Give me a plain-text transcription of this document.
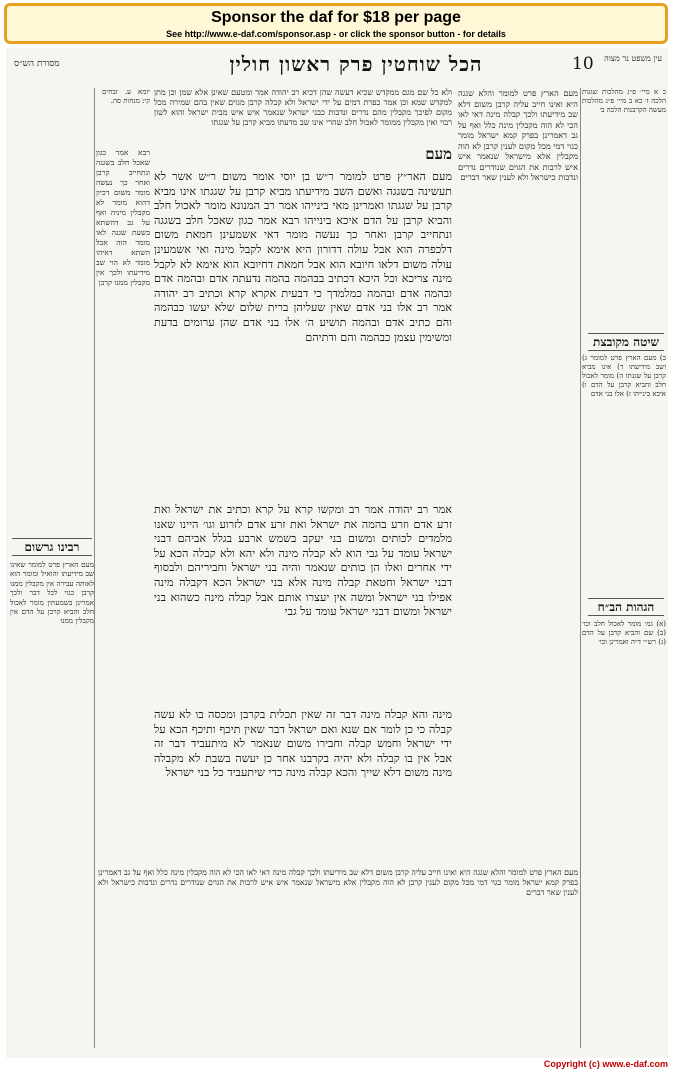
Sponsor the daf for $18 per page
See http://www.e-daf.com/sponsor.asp - or click the sponsor button - for details
מסורת הש״ס	הכל שוחטין פרק ראשון חולין	10	עין משפט נר מצוה
כ א מיי׳ פ״ג מהלכות שגגות הלכה ז׳ כא ב מיי׳ פ״ג מהלכות מעשה הקרבנות הלכה ב׳
שיטה מקובצת
ב) מעם הארץ פרט למומר ג) ושב מידיעתו ד) אינו מביא קרבן על שגגתו ה) מומר לאכול חלב והביא קרבן על הדם ו) איכא בינייהו ז) אלו בני אדם
הגהות הב״ח
(א) גמ׳ מומר לאכול חלב וכו׳ (ב) שם והביא קרבן על הדם (ג) רש״י ד״ה ואמרינן וכו׳
מעם הארץ פרט למומר והלא שגגה היא ואינו חייב עליה קרבן משום דלא שב מידיעתו ולכך קבלה מינה דאי לאו הכי לא הוה מקבלין מינה כלל ואף על גב דאמרינן בפרק קמא ישראל מומר כגוי דמי מכל מקום לענין קרבן לא הוה מקבלין אלא מישראל שנאמר איש איש לרבות את הגוים שנודרים נדרים ונדבות כישראל ולא לענין שאר דברים
ולא כל שם מגם ממקדש שכיא דעשה שהן דכיא רב יהודה אמר ומטעם שאינן אלא שמן וכן מתן למקדש שמא וכן אמר כפרת דמים על ידי ישראל ולא קבלה קרבן מגוים שאין בהם שמירה מכל מקום לפיכך מקבלין מהם נדרים ונדבות כבני ישראל שנאמר איש איש מבית ישראל והוא לשון רבוי ואין מקבלין ממומר לאכול חלב שהרי אינו שב מדעתו מביא קרבן על שגגתו
מעם
מעם האר״ץ פרט למומר ר״ש בן יוסי אומר משום ר״ש אשר לא תעשינה בשגגה ואשם השב מידיעתו מביא קרבן על שגגתו אינו מביא קרבן על שגגתו ואמרינן מאי בינייהו אמר רב המנונא מומר לאכול חלב והביא קרבן על הדם איכא בינייהו רבא אמר כגון שאכל חלב בשגגה ונתחייב קרבן ואחר כך נעשה מומר דאי אשמעינן חמאת משום דלכפרה הוא אבל עולה דדורון היא אימא לקבל מינה ואי אשמעינן עולה משום דלאו חיובא הוא אבל חמאת דחיובא הוא אימא לא לקבל מינה צריכא וכל היכא דכתיב בבהמה בהמה נדעתה אדם ובהמה אדם ובהמה אדם ובהמה כמלמדך כי דבעית אקרא קרא וכתיב רב יהודה אמר רב אלו בני אדם שאין שעליהן ברית שלום שלא יעשו כבהמה והם כתיב אדם ובהמה תושיע ה׳ אלו בני אדם שהן ערומים בדעת ומשימין עצמן כבהמה והם ודתיהם
אמר רב יהודה אמר רב ומקשו קרא על קרא וכתיב את ישראל ואת זרע אדם וזרע בהמה את ישראל ואת זרע אדם לזרוע וגו׳ היינו שאנו מלמדים לכותים ומשום בני יעקב בשמש ארבע בגלל אביהם דבני ישראל עומד על גבי הוא לא קבלה מינה ולא יהא ולא קבלה הכא על ידי אחרים ואלו הן כותים שנאמר והיה בני ישראל וחביריהם ולבסוף דבני ישראל וחטאת קבלה מינה אלא בני ישראל הכא דקבלה מינה אפילו בני ישראל ומשה אין יעצרו אותם אבל קבלה מינה כשהוא בני ישראל ומשום דבני ישראל עומד על גבי
מינה והא קבלה מינה דבר זה שאין תכלית בקרבן ומכסה בו לא עשה קבלה כי כן לומר אם שנא ואם ישראל דבר שאין תיכף ותיכף הכא על ידי ישראל וחמש קבלה וחבירו משום שנאמר לא מיתעביד דבר זה אבל אין בו קבלה ולא יהיה בקרבנו אחר כן יעשה בשבת לא מקבלה מינה משום דלא שייך והכא קבלה מינה כדי שיתעביד כל בני ישראל
יומא ע. זבחים קי: מנחות סה.
רבא אמר כגון שאכל חלב בשגגה ונתחייב קרבן ואחר כך נעשה מומר משום דכיון דהוא מומר לא מקבלין מיניה ואף על גב דהשתא בשעת שגגה לאו מומר הוה אבל השתא דאיהו מומר לא הוי שב מידיעתו ולכך אין מקבלין ממנו קרבן
רבינו גרשום
מעם הארץ פרט למומר שאינו שב מידיעתו והואיל ומומר הוא לאותה עבירה אין מקבלין ממנו קרבן כגוי לכל דבר ולכך אמרינן בשמעתין מומר לאכול חלב והביא קרבן על הדם אין מקבלין ממנו
מעם הארץ פרט למומר והלא שגגה היא ואינו חייב עליה קרבן משום דלא שב מידיעתו ולכך קבלה מינה דאי לאו הכי לא הוה מקבלין מינה כלל ואף על גב דאמרינן בפרק קמא ישראל מומר כגוי דמי מכל מקום לענין קרבן לא הוה מקבלין אלא מישראל שנאמר איש איש לרבות את הגוים שנודרים נדרים ונדבות כישראל ולא לענין שאר דברים
Copyright (c) www.e-daf.com
